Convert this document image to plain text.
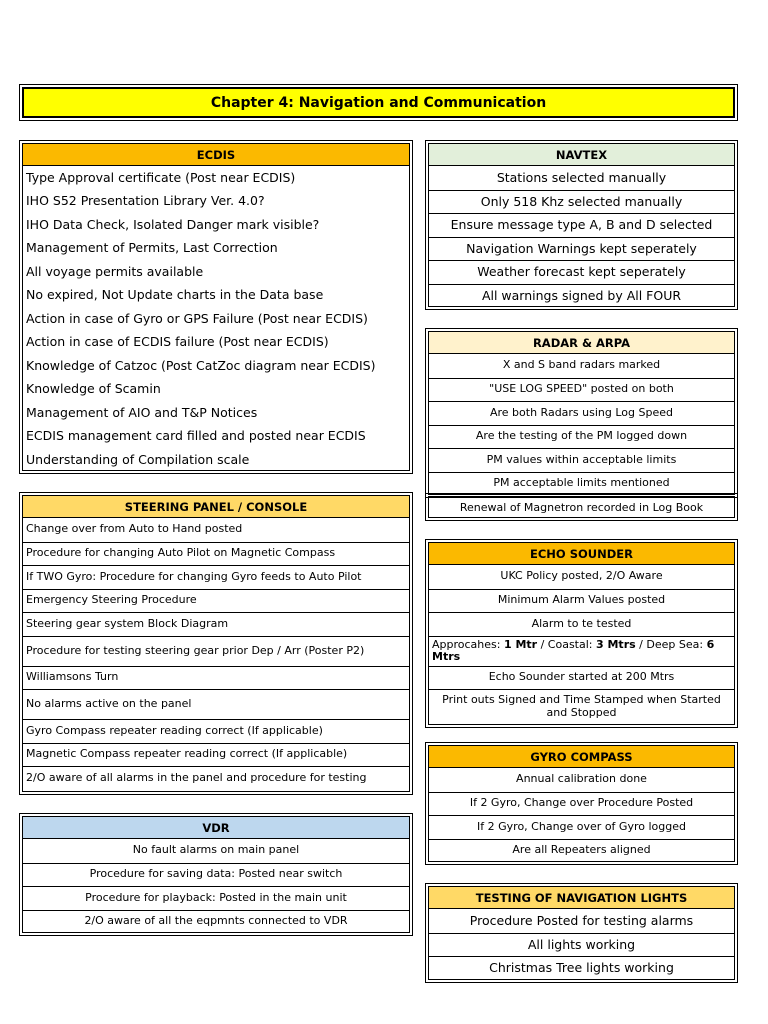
Chapter 4: Navigation and Communication
ECDIS
Type Approval certificate (Post near ECDIS)
IHO S52 Presentation Library Ver. 4.0?
IHO Data Check, Isolated Danger mark visible?
Management of Permits, Last Correction
All voyage permits available
No expired, Not Update charts in the Data base
Action in case of Gyro or GPS Failure (Post near ECDIS)
Action in case of ECDIS failure (Post near ECDIS)
Knowledge of Catzoc (Post CatZoc diagram near ECDIS)
Knowledge of Scamin
Management of AIO and T&P Notices
ECDIS management card filled and posted near ECDIS
Understanding of Compilation scale
NAVTEX
Stations selected manually
Only 518 Khz selected manually
Ensure message type A, B and D selected
Navigation Warnings kept seperately
Weather forecast kept seperately
All warnings signed by All FOUR
RADAR & ARPA
X and S band radars marked
"USE LOG SPEED" posted on both
Are both Radars using Log Speed
Are the testing of the PM logged down
PM values within acceptable limits
PM acceptable limits mentioned
Renewal of Magnetron recorded in Log Book
STEERING PANEL / CONSOLE
Change over from Auto to Hand posted
Procedure for changing Auto Pilot on Magnetic Compass
If TWO Gyro: Procedure for changing Gyro feeds to Auto Pilot
Emergency Steering Procedure
Steering gear system Block Diagram
Procedure for testing steering gear prior Dep / Arr (Poster P2)
Williamsons Turn
No alarms active on the panel
Gyro Compass repeater reading correct (If applicable)
Magnetic Compass repeater reading correct (If applicable)
2/O aware of all alarms in the panel and procedure for testing
ECHO SOUNDER
UKC Policy posted, 2/O Aware
Minimum Alarm Values posted
Alarm to te tested
Approcahes: 1 Mtr / Coastal: 3 Mtrs / Deep Sea: 6 Mtrs
Echo Sounder started at 200 Mtrs
Print outs Signed and Time Stamped when Started and Stopped
GYRO COMPASS
Annual calibration done
If 2 Gyro, Change over Procedure Posted
If 2 Gyro, Change over of Gyro logged
Are all Repeaters aligned
VDR
No fault alarms on main panel
Procedure for saving data: Posted near switch
Procedure for playback: Posted in the main unit
2/O aware of all the eqpmnts connected to VDR
TESTING OF NAVIGATION LIGHTS
Procedure Posted for testing alarms
All lights working
Christmas Tree lights working
